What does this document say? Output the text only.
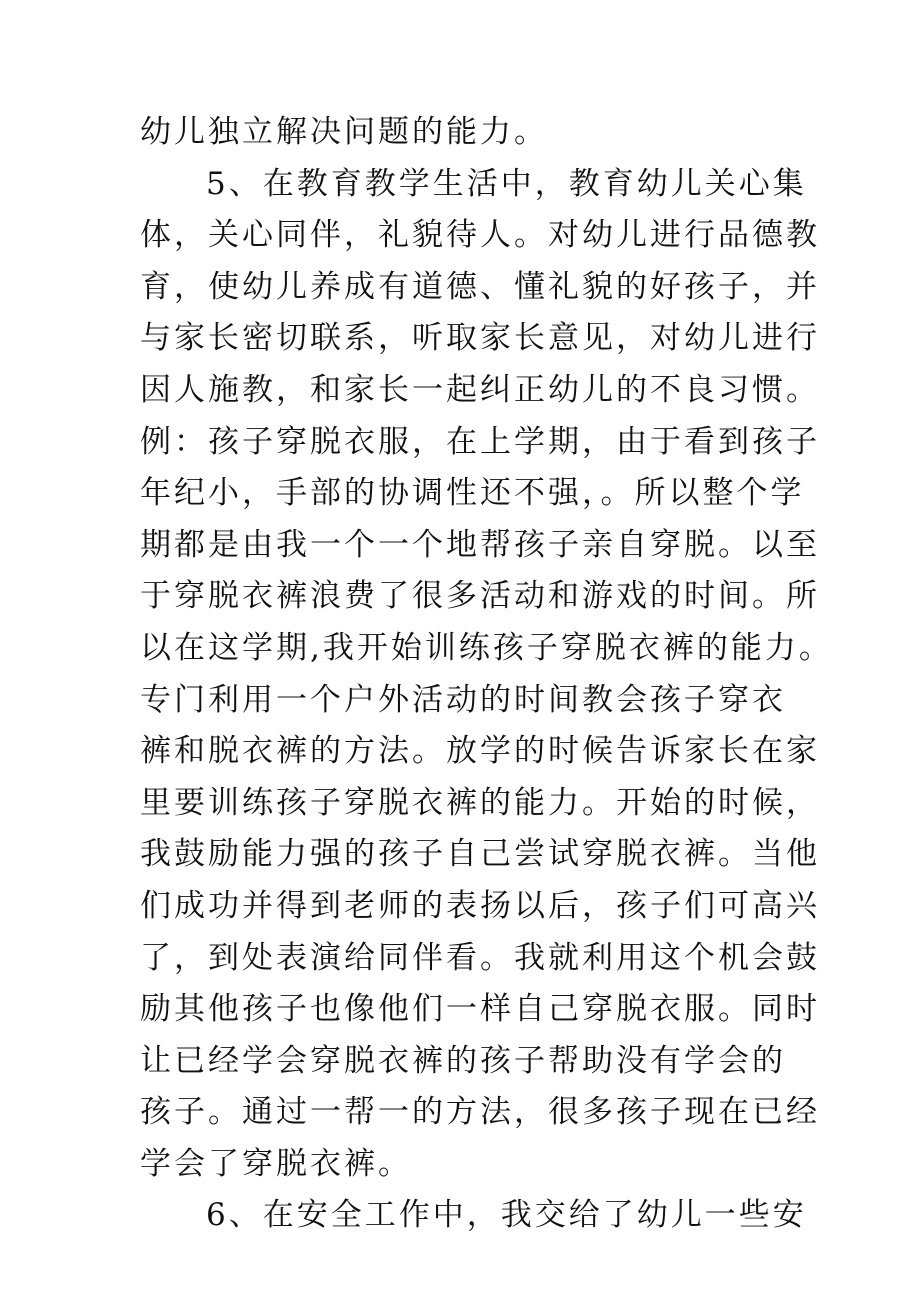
幼儿独立解决问题的能力。
5、在教育教学生活中，教育幼儿关心集
体，关心同伴，礼貌待人。对幼儿进行品德教
育，使幼儿养成有道德、懂礼貌的好孩子，并
与家长密切联系，听取家长意见，对幼儿进行
因人施教，和家长一起纠正幼儿的不良习惯。
例：孩子穿脱衣服，在上学期，由于看到孩子
年纪小，手部的协调性还不强，。所以整个学
期都是由我一个一个地帮孩子亲自穿脱。以至
于穿脱衣裤浪费了很多活动和游戏的时间。所
以在这学期,我开始训练孩子穿脱衣裤的能力。
专门利用一个户外活动的时间教会孩子穿衣
裤和脱衣裤的方法。放学的时候告诉家长在家
里要训练孩子穿脱衣裤的能力。开始的时候，
我鼓励能力强的孩子自己尝试穿脱衣裤。当他
们成功并得到老师的表扬以后，孩子们可高兴
了，到处表演给同伴看。我就利用这个机会鼓
励其他孩子也像他们一样自己穿脱衣服。同时
让已经学会穿脱衣裤的孩子帮助没有学会的
孩子。通过一帮一的方法，很多孩子现在已经
学会了穿脱衣裤。
6、在安全工作中，我交给了幼儿一些安
